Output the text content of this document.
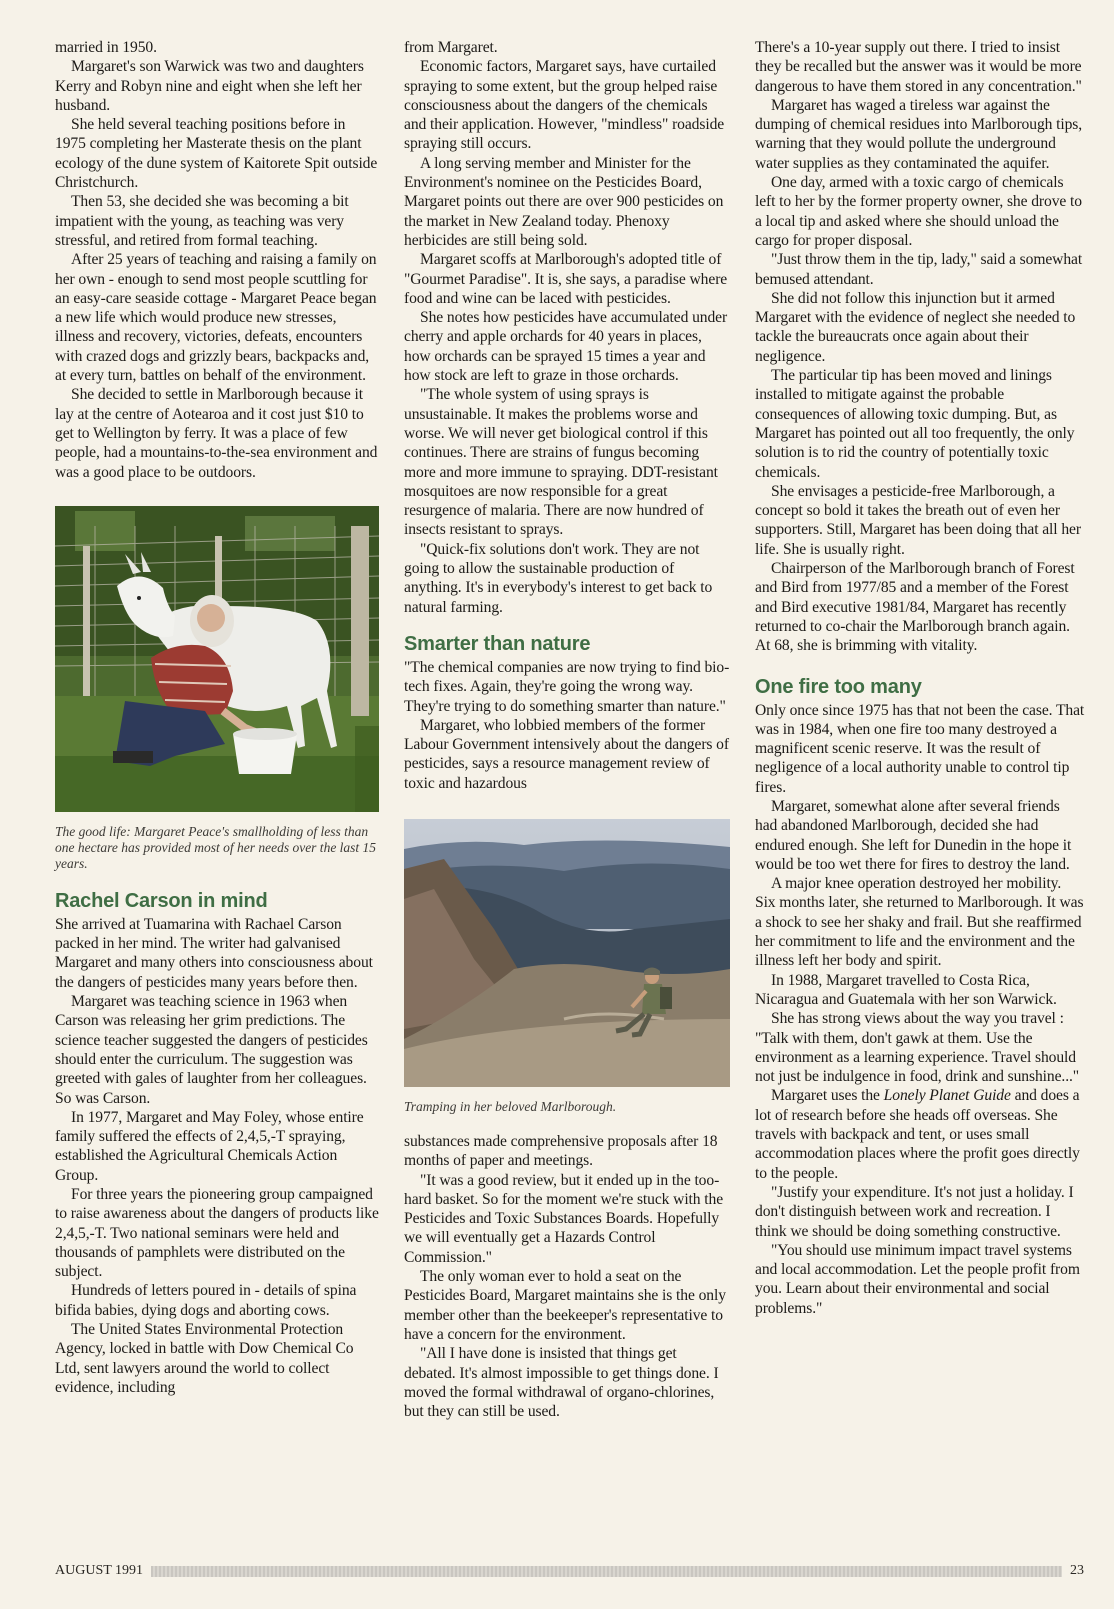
married in 1950.

Margaret's son Warwick was two and daughters Kerry and Robyn nine and eight when she left her husband.

She held several teaching positions before in 1975 completing her Masterate thesis on the plant ecology of the dune system of Kaitorete Spit outside Christchurch.

Then 53, she decided she was becoming a bit impatient with the young, as teaching was very stressful, and retired from formal teaching.

After 25 years of teaching and raising a family on her own - enough to send most people scuttling for an easy-care seaside cottage - Margaret Peace began a new life which would produce new stresses, illness and recovery, victories, defeats, encounters with crazed dogs and grizzly bears, backpacks and, at every turn, battles on behalf of the environment.

She decided to settle in Marlborough because it lay at the centre of Aotearoa and it cost just $10 to get to Wellington by ferry. It was a place of few people, had a mountains-to-the-sea environment and was a good place to be outdoors.

The good life: Margaret Peace's smallholding of less than one hectare has provided most of her needs over the last 15 years.
Rachel Carson in mind

She arrived at Tuamarina with Rachael Carson packed in her mind. The writer had galvanised Margaret and many others into consciousness about the dangers of pesticides many years before then.

Margaret was teaching science in 1963 when Carson was releasing her grim predictions. The science teacher suggested the dangers of pesticides should enter the curriculum. The suggestion was greeted with gales of laughter from her colleagues. So was Carson.

In 1977, Margaret and May Foley, whose entire family suffered the effects of 2,4,5,-T spraying, established the Agricultural Chemicals Action Group.

For three years the pioneering group campaigned to raise awareness about the dangers of products like 2,4,5,-T. Two national seminars were held and thousands of pamphlets were distributed on the subject.

Hundreds of letters poured in - details of spina bifida babies, dying dogs and aborting cows.

The United States Environmental Protection Agency, locked in battle with Dow Chemical Co Ltd, sent lawyers around the world to collect evidence, including

from Margaret.

Economic factors, Margaret says, have curtailed spraying to some extent, but the group helped raise consciousness about the dangers of the chemicals and their application. However, "mindless" roadside spraying still occurs.

A long serving member and Minister for the Environment's nominee on the Pesticides Board, Margaret points out there are over 900 pesticides on the market in New Zealand today. Phenoxy herbicides are still being sold.

Margaret scoffs at Marlborough's adopted title of "Gourmet Paradise". It is, she says, a paradise where food and wine can be laced with pesticides.

She notes how pesticides have accumulated under cherry and apple orchards for 40 years in places, how orchards can be sprayed 15 times a year and how stock are left to graze in those orchards.

"The whole system of using sprays is unsustainable. It makes the problems worse and worse. We will never get biological control if this continues. There are strains of fungus becoming more and more immune to spraying. DDT-resistant mosquitoes are now responsible for a great resurgence of malaria. There are now hundred of insects resistant to sprays.

"Quick-fix solutions don't work. They are not going to allow the sustainable production of anything. It's in everybody's interest to get back to natural farming.

Smarter than nature

"The chemical companies are now trying to find bio-tech fixes. Again, they're going the wrong way. They're trying to do something smarter than nature."

Margaret, who lobbied members of the former Labour Government intensively about the dangers of pesticides, says a resource management review of toxic and hazardous

Tramping in her beloved Marlborough.

substances made comprehensive proposals after 18 months of paper and meetings.

"It was a good review, but it ended up in the too-hard basket. So for the moment we're stuck with the Pesticides and Toxic Substances Boards. Hopefully we will eventually get a Hazards Control Commission."

The only woman ever to hold a seat on the Pesticides Board, Margaret maintains she is the only member other than the beekeeper's representative to have a concern for the environment.

"All I have done is insisted that things get debated. It's almost impossible to get things done. I moved the formal withdrawal of organo-chlorines, but they can still be used.

There's a 10-year supply out there. I tried to insist they be recalled but the answer was it would be more dangerous to have them stored in any concentration."

Margaret has waged a tireless war against the dumping of chemical residues into Marlborough tips, warning that they would pollute the underground water supplies as they contaminated the aquifer.

One day, armed with a toxic cargo of chemicals left to her by the former property owner, she drove to a local tip and asked where she should unload the cargo for proper disposal.

"Just throw them in the tip, lady," said a somewhat bemused attendant.

She did not follow this injunction but it armed Margaret with the evidence of neglect she needed to tackle the bureaucrats once again about their negligence.

The particular tip has been moved and linings installed to mitigate against the probable consequences of allowing toxic dumping. But, as Margaret has pointed out all too frequently, the only solution is to rid the country of potentially toxic chemicals.

She envisages a pesticide-free Marlborough, a concept so bold it takes the breath out of even her supporters. Still, Margaret has been doing that all her life. She is usually right.

Chairperson of the Marlborough branch of Forest and Bird from 1977/85 and a member of the Forest and Bird executive 1981/84, Margaret has recently returned to co-chair the Marlborough branch again. At 68, she is brimming with vitality.

One fire too many

Only once since 1975 has that not been the case. That was in 1984, when one fire too many destroyed a magnificent scenic reserve. It was the result of negligence of a local authority unable to control tip fires.

Margaret, somewhat alone after several friends had abandoned Marlborough, decided she had endured enough. She left for Dunedin in the hope it would be too wet there for fires to destroy the land.

A major knee operation destroyed her mobility. Six months later, she returned to Marlborough. It was a shock to see her shaky and frail. But she reaffirmed her commitment to life and the environment and the illness left her body and spirit.

In 1988, Margaret travelled to Costa Rica, Nicaragua and Guatemala with her son Warwick.

She has strong views about the way you travel : "Talk with them, don't gawk at them. Use the environment as a learning experience. Travel should not just be indulgence in food, drink and sunshine..."

Margaret uses the Lonely Planet Guide and does a lot of research before she heads off overseas. She travels with backpack and tent, or uses small accommodation places where the profit goes directly to the people.

"Justify your expenditure. It's not just a holiday. I don't distinguish between work and recreation. I think we should be doing something constructive.

"You should use minimum impact travel systems and local accommodation. Let the people profit from you. Learn about their environmental and social problems."

AUGUST 1991	23
